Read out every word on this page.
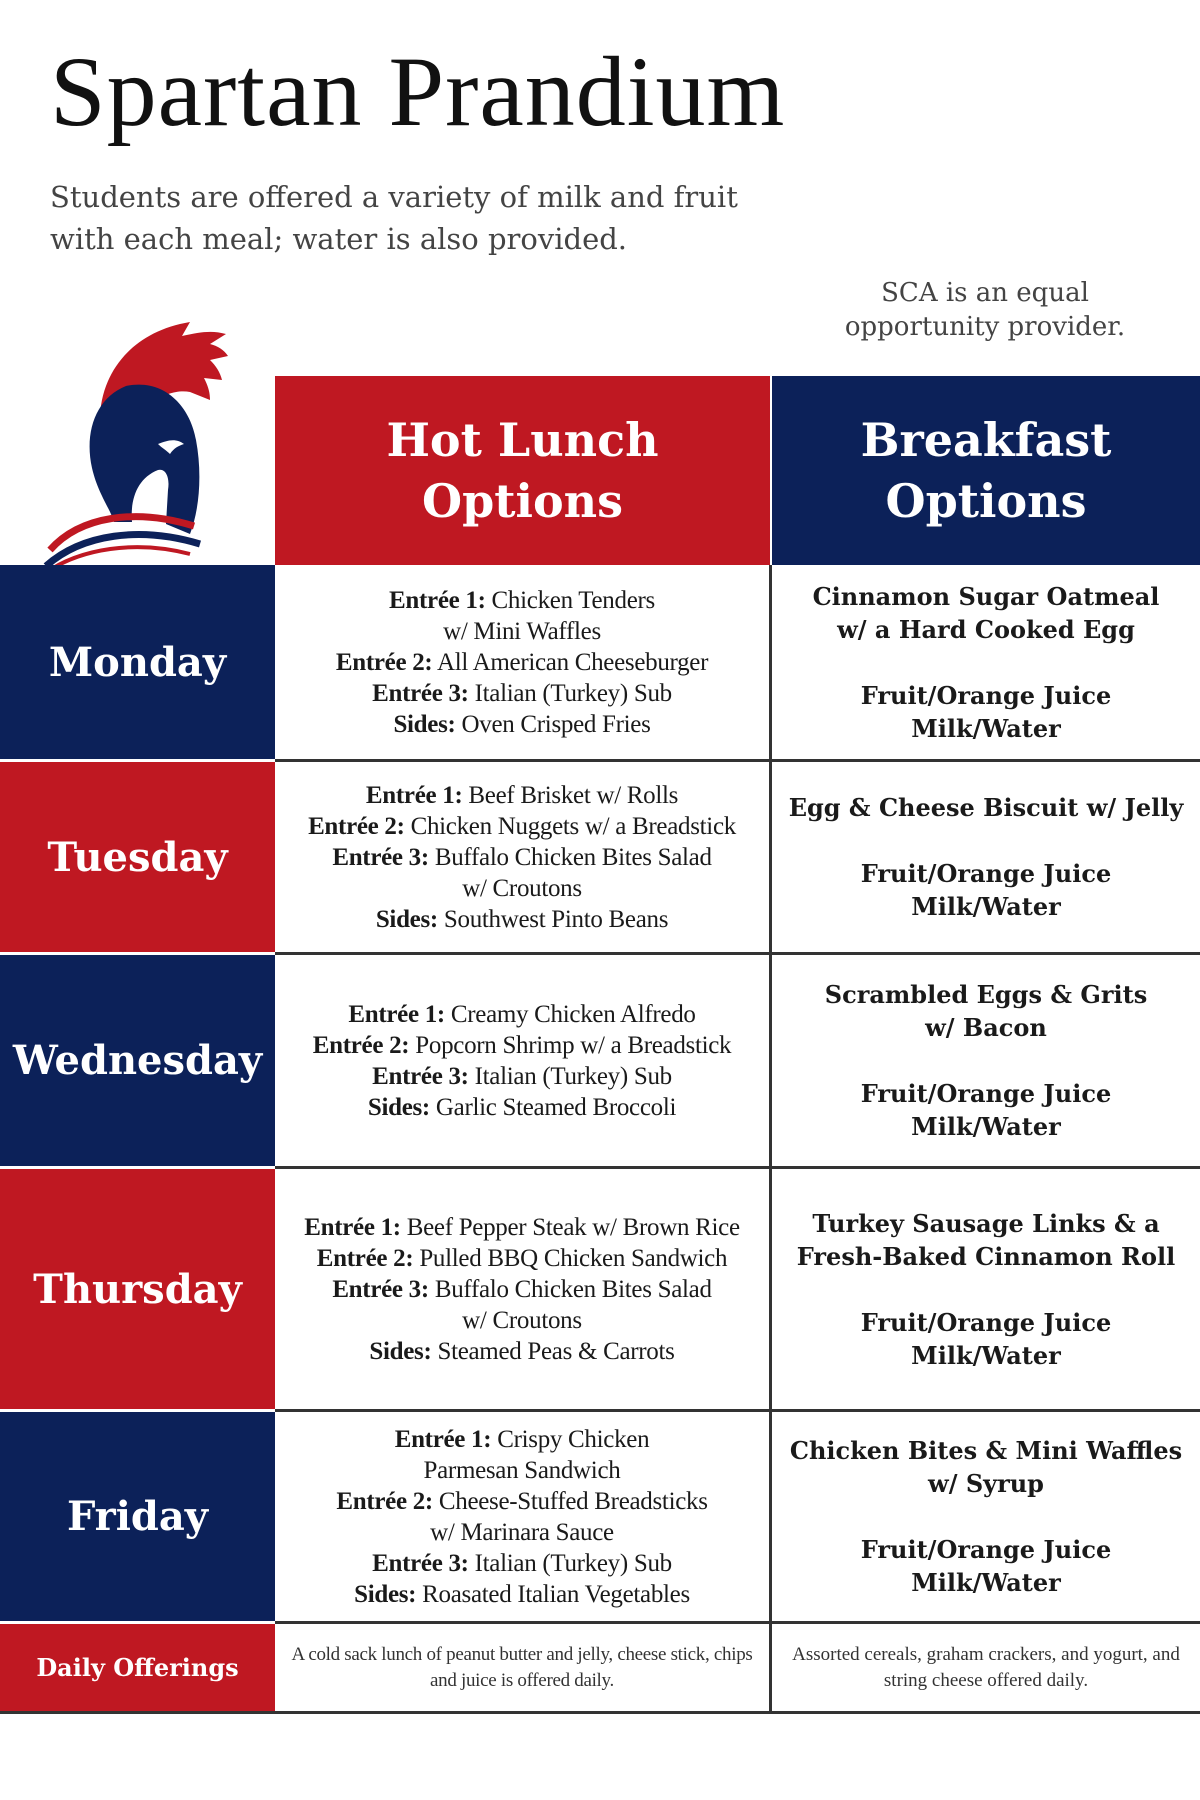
Spartan Prandium

Students are offered a variety of milk and fruit with each meal; water is also provided.

SCA is an equal opportunity provider.

Hot Lunch Options
Breakfast Options
Monday
Entrée 1: Chicken Tenders
w/ Mini Waffles
Entrée 2: All American Cheeseburger
Entrée 3: Italian (Turkey) Sub
Sides: Oven Crisped Fries
Cinnamon Sugar Oatmeal
w/ a Hard Cooked Egg
Fruit/Orange Juice
Milk/Water
Tuesday
Entrée 1: Beef Brisket w/ Rolls
Entrée 2: Chicken Nuggets w/ a Breadstick
Entrée 3: Buffalo Chicken Bites Salad
w/ Croutons
Sides: Southwest Pinto Beans
Egg & Cheese Biscuit w/ Jelly
Fruit/Orange Juice
Milk/Water
Wednesday
Entrée 1: Creamy Chicken Alfredo
Entrée 2: Popcorn Shrimp w/ a Breadstick
Entrée 3: Italian (Turkey) Sub
Sides: Garlic Steamed Broccoli
Scrambled Eggs & Grits
w/ Bacon
Fruit/Orange Juice
Milk/Water
Thursday
Entrée 1: Beef Pepper Steak w/ Brown Rice
Entrée 2: Pulled BBQ Chicken Sandwich
Entrée 3: Buffalo Chicken Bites Salad
w/ Croutons
Sides: Steamed Peas & Carrots
Turkey Sausage Links & a
Fresh-Baked Cinnamon Roll
Fruit/Orange Juice
Milk/Water
Friday
Entrée 1: Crispy Chicken
Parmesan Sandwich
Entrée 2: Cheese-Stuffed Breadsticks
w/ Marinara Sauce
Entrée 3: Italian (Turkey) Sub
Sides: Roasated Italian Vegetables
Chicken Bites & Mini Waffles
w/ Syrup
Fruit/Orange Juice
Milk/Water
Daily Offerings	A cold sack lunch of peanut butter and jelly, cheese stick, chips and juice is offered daily.
Assorted cereals, graham crackers, and yogurt, and string cheese offered daily.
